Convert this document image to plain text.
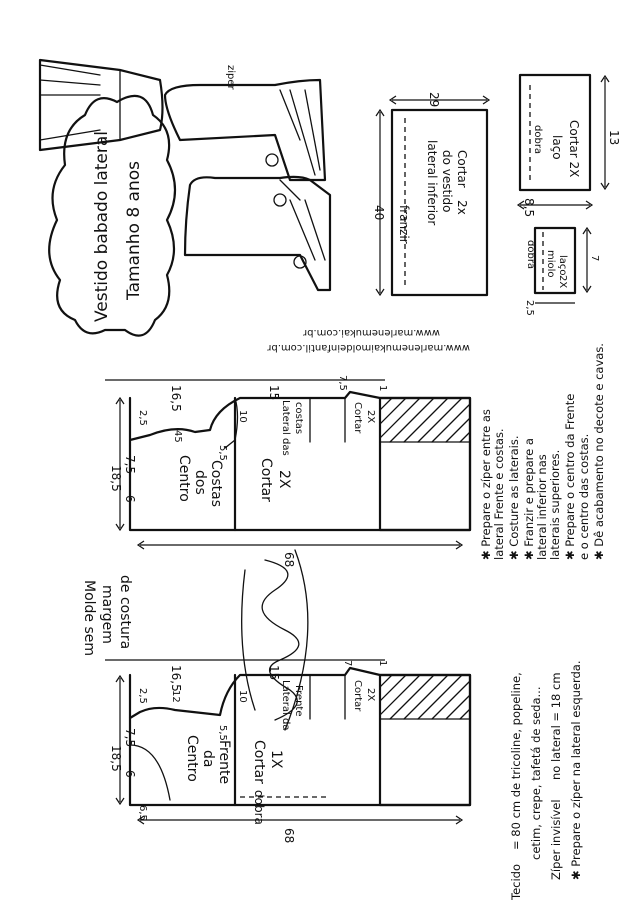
Vestido babado lateral Tamanho 8 anos
ziper
40
29
franzir lateral inferior do vestido Cortar
2x	8,5
13
dobra laço Cortar 2X
7
2,5
dobra miolo laço
2X
www.marlenemukai.com.br
www.marlenemukaimoldeinfantil.com.br
6
7,5
18,5
16,5
2,5
45
5,5
10
15
7,5	1
68
Centro dos Costas Cortar 2X
Lateral das costas	Cortar 2X
Molde sem margem de costura
6
6,5
7,5
18,5
16,5
2,5 12
5,5
10
15
7 1
68
Centro da Frente Cortar 1X
dobra
Lateral da Frente	Cortar 2X
Tecido
= 80 cm de tricoline, popeline, cetim, crepe, tafetá de seda... Zíper invisível
no lateral = 18 cm ✱ Prepare o zíper na lateral esquerda.
✱ Prepare o zíper entre as lateral Frente e costas. ✱ Costure as laterais. ✱ Franzir e prepare a lateral inferior nas laterais superiores. ✱ Prepare o centro da Frente e o centro das costas. ✱ Dê acabamento no decote e cavas.
